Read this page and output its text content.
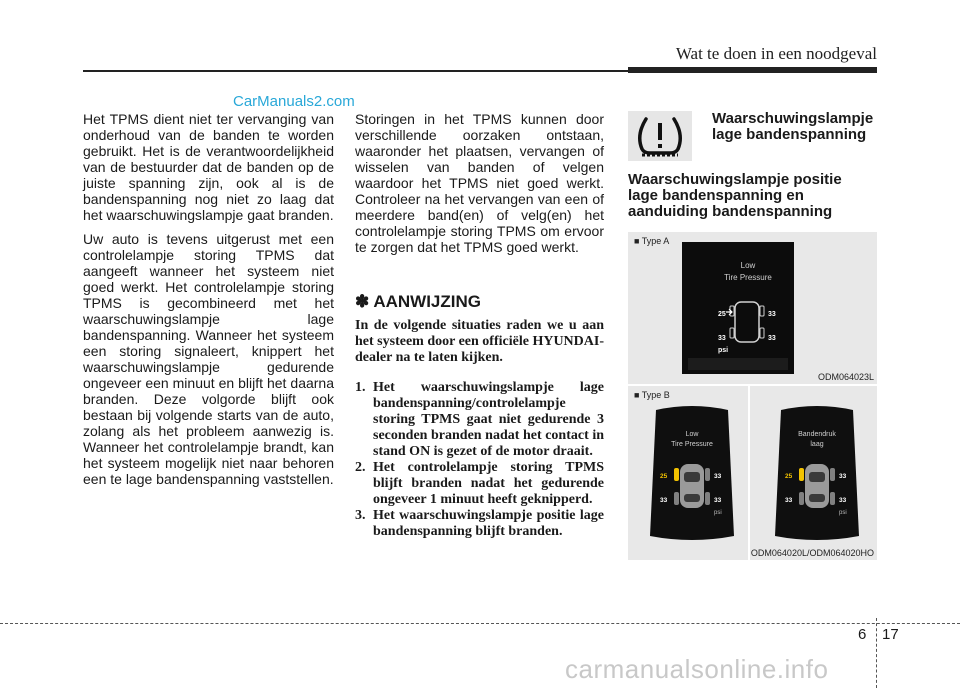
Wat te doen in een noodgeval
CarManuals2.com

Het TPMS dient niet ter vervanging van onderhoud van de banden te worden gebruikt. Het is de verantwoordelijkheid van de bestuurder dat de banden op de juiste spanning zijn, ook al is de bandenspanning nog niet zo laag dat het waarschuwingslampje gaat branden.

Uw auto is tevens uitgerust met een controlelampje storing TPMS dat aangeeft wanneer het systeem niet goed werkt. Het controlelampje storing TPMS is gecombineerd met het waarschuwingslampje lage bandenspanning. Wanneer het systeem een storing signaleert, knippert het waarschuwingslampje gedurende ongeveer een minuut en blijft het daarna branden. Deze volgorde blijft ook bestaan bij volgende starts van de auto, zolang als het probleem aanwezig is. Wanneer het controlelampje brandt, kan het systeem mogelijk niet naar behoren een te lage bandenspanning vaststellen.

Storingen in het TPMS kunnen door verschillende oorzaken ontstaan, waaronder het plaatsen, vervangen of wisselen van banden of velgen waardoor het TPMS niet goed werkt. Controleer na het vervangen van een of meerdere band(en) of velg(en) het controlelampje storing TPMS om ervoor te zorgen dat het TPMS goed werkt.

✽ AANWIJZING
In de volgende situaties raden we u aan het systeem door een officiële HYUNDAI-dealer na te laten kijken.
1. Het waarschuwingslampje lage bandenspanning/controlelampje storing TPMS gaat niet gedurende 3 seconden branden nadat het contact in stand ON is gezet of de motor draait.
2. Het controlelampje storing TPMS blijft branden nadat het gedurende ongeveer 1 minuut heeft geknipperd.
3. Het waarschuwingslampje positie lage bandenspanning blijft branden.
Waarschuwingslampje
lage bandenspanning
Waarschuwingslampje positie
lage bandenspanning en
aanduiding bandenspanning
■ Type A
Low
Tire Pressure
25	33
33	33
psi
ODM064023L
■ Type B
Low
Tire Pressure
25	33
33	33
psi
Bandendruk
laag
25	33
33	33
psi
ODM064020L/ODM064020HO
6 17
carmanualsonline.info
